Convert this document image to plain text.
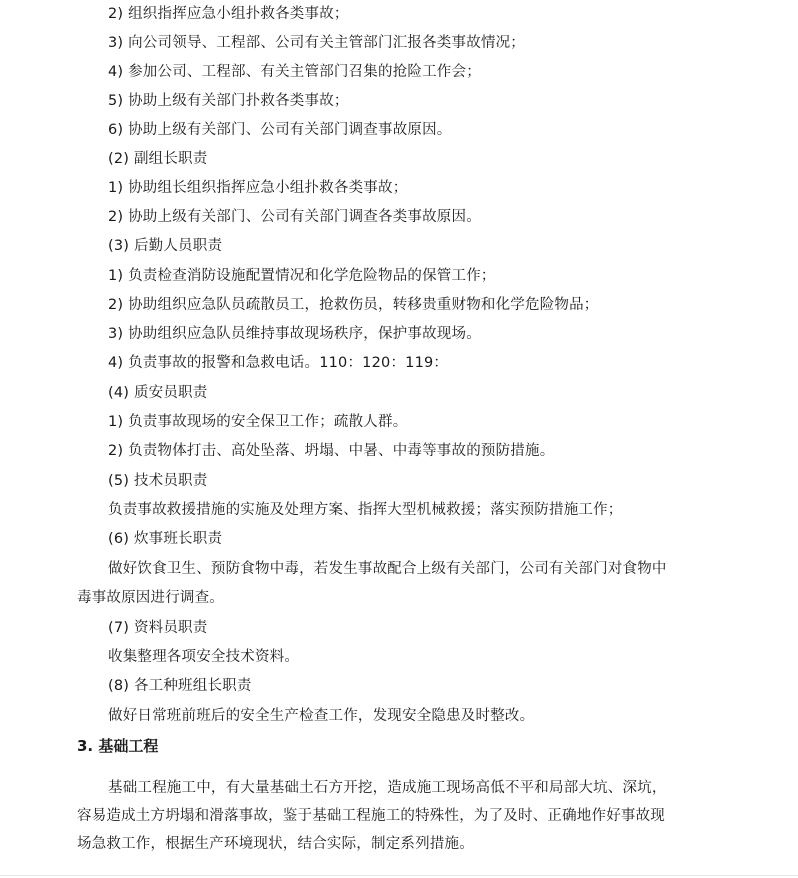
2) 组织指挥应急小组扑救各类事故；
3) 向公司领导、工程部、公司有关主管部门汇报各类事故情况；
4) 参加公司、工程部、有关主管部门召集的抢险工作会；
5) 协助上级有关部门扑救各类事故；
6) 协助上级有关部门、公司有关部门调查事故原因。
(2) 副组长职责
1) 协助组长组织指挥应急小组扑救各类事故；
2) 协助上级有关部门、公司有关部门调查各类事故原因。
(3) 后勤人员职责
1) 负责检查消防设施配置情况和化学危险物品的保管工作；
2) 协助组织应急队员疏散员工，抢救伤员，转移贵重财物和化学危险物品；
3) 协助组织应急队员维持事故现场秩序，保护事故现场。
4) 负责事故的报警和急救电话。110：120：119：
(4) 质安员职责
1) 负责事故现场的安全保卫工作；疏散人群。
2) 负责物体打击、高处坠落、坍塌、中暑、中毒等事故的预防措施。
(5) 技术员职责
负责事故救援措施的实施及处理方案、指挥大型机械救援；落实预防措施工作；
(6) 炊事班长职责
做好饮食卫生、预防食物中毒，若发生事故配合上级有关部门，公司有关部门对食物中
毒事故原因进行调查。
(7) 资料员职责
收集整理各项安全技术资料。
(8) 各工种班组长职责
做好日常班前班后的安全生产检查工作，发现安全隐患及时整改。
3. 基础工程
基础工程施工中，有大量基础土石方开挖，造成施工现场高低不平和局部大坑、深坑，
容易造成土方坍塌和滑落事故，鉴于基础工程施工的特殊性，为了及时、正确地作好事故现
场急救工作，根据生产环境现状，结合实际，制定系列措施。
